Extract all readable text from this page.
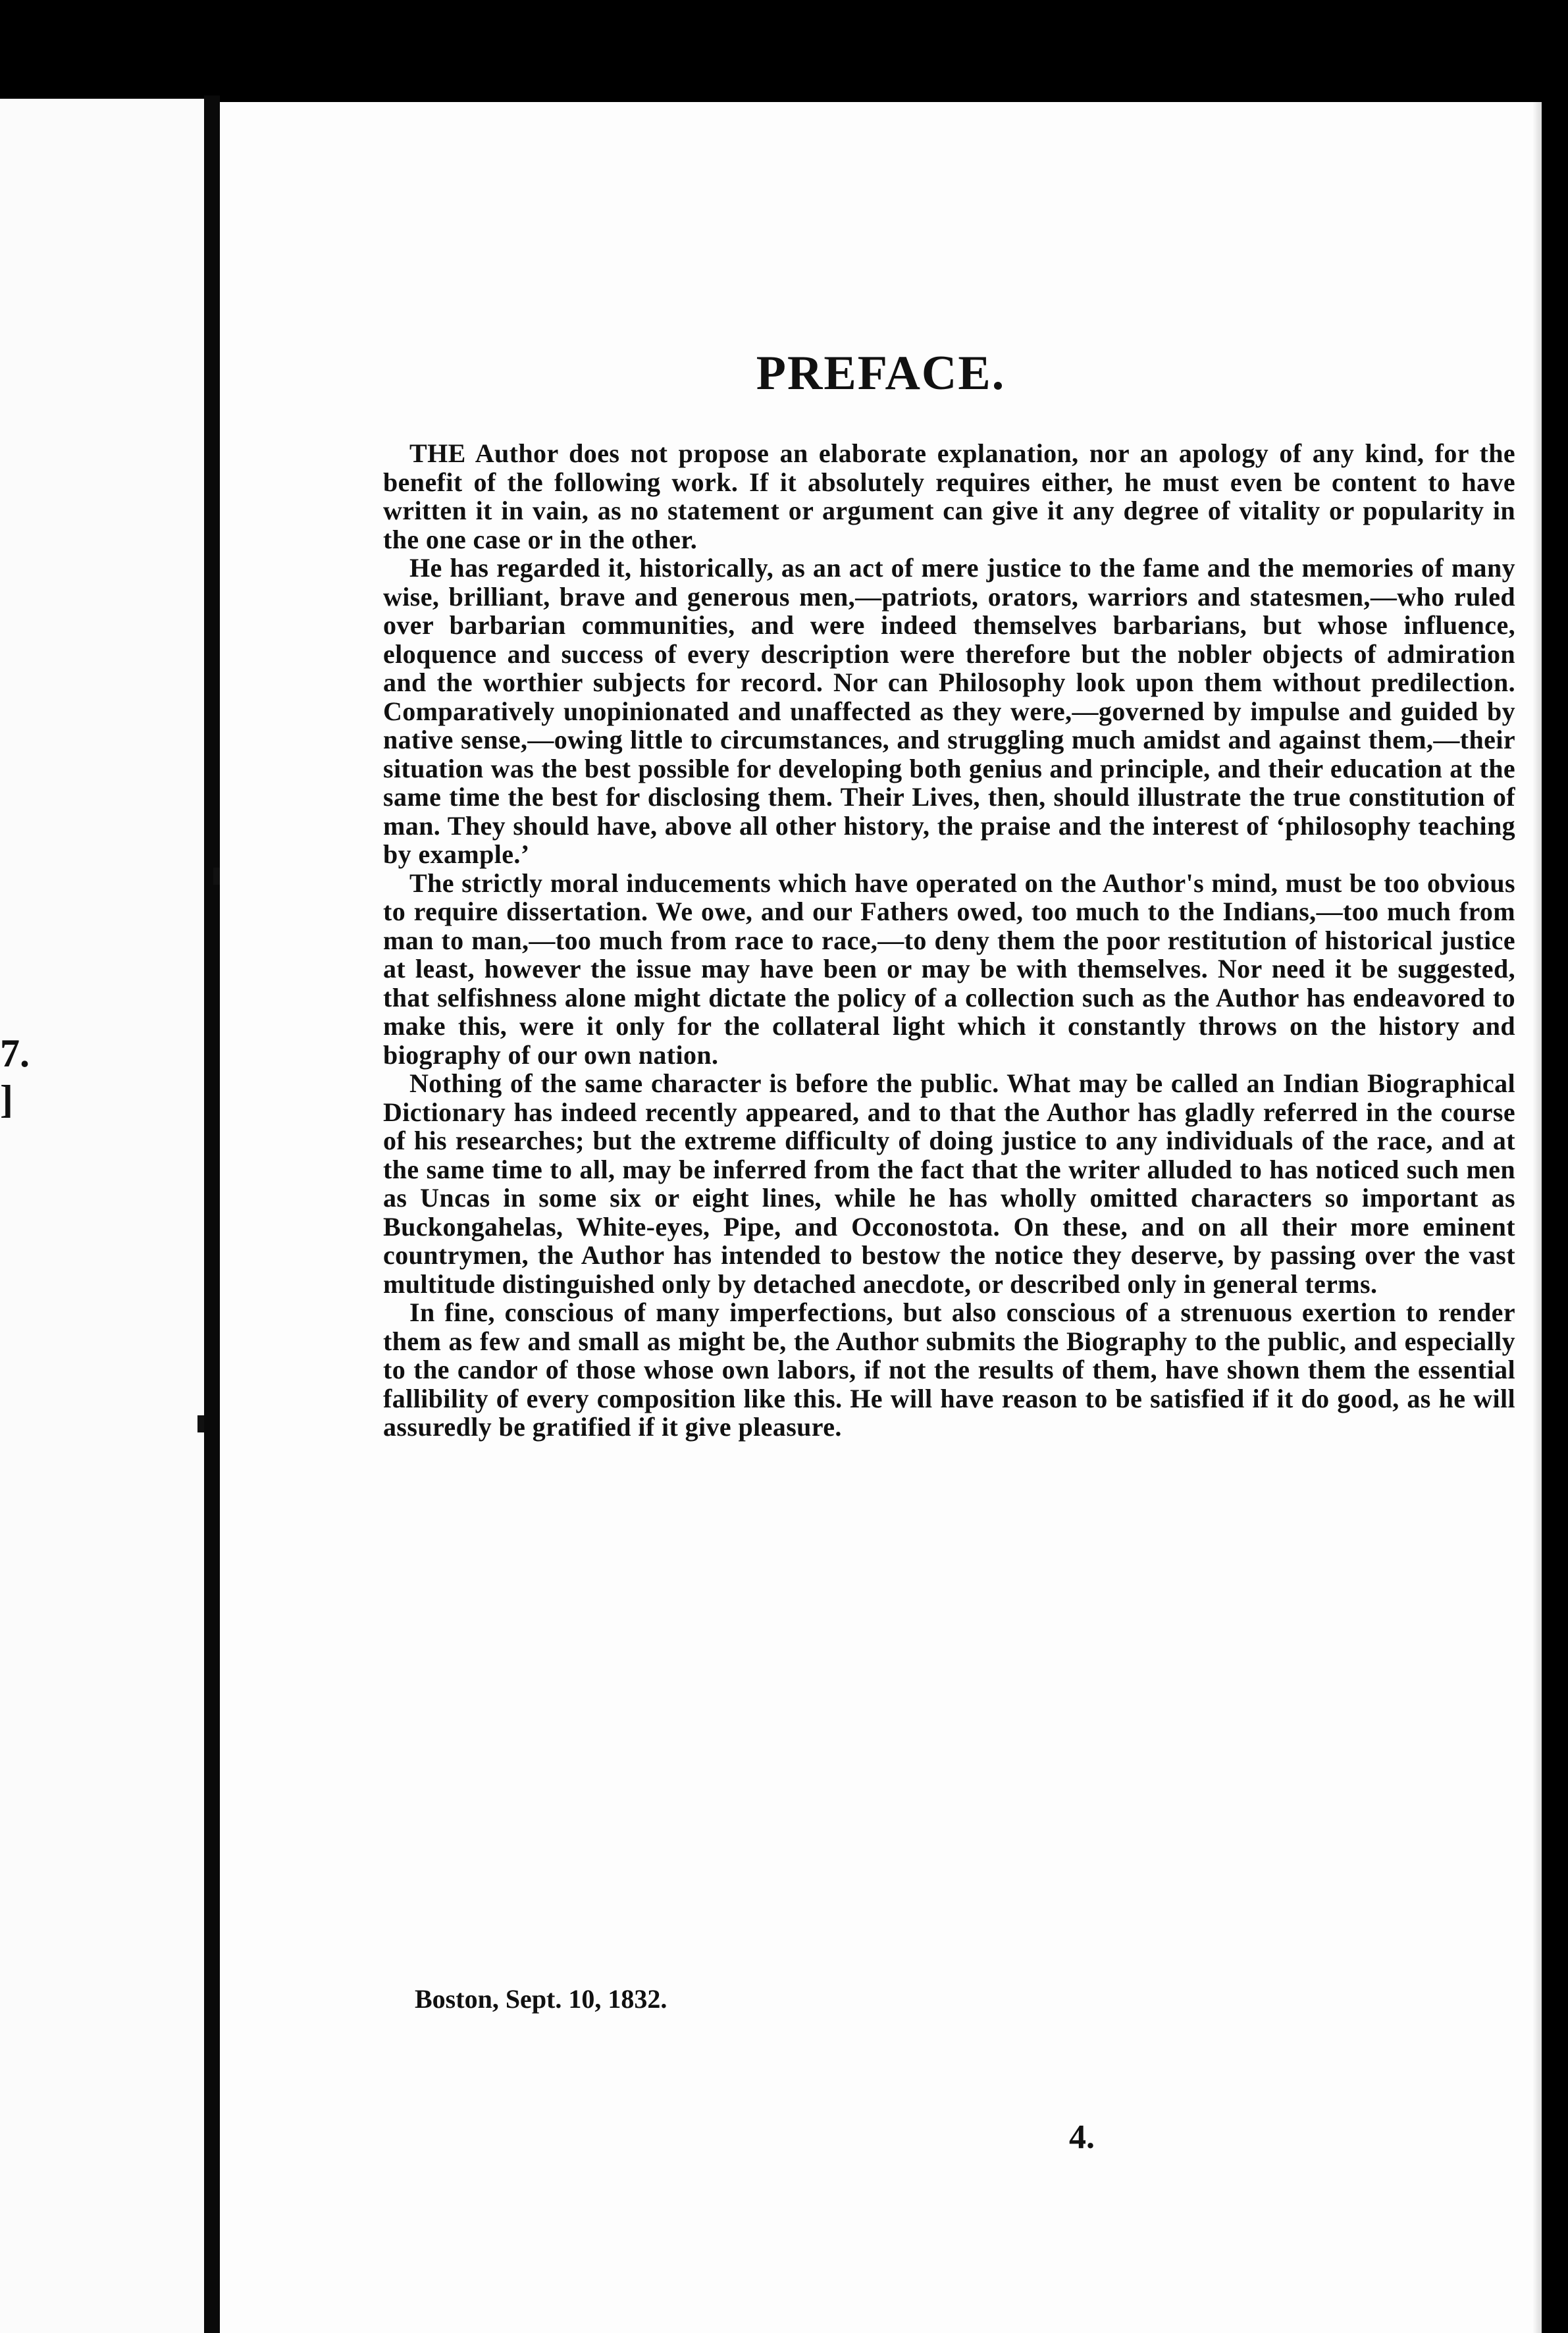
7.
]
PREFACE.

THE Author does not propose an elaborate explanation, nor an apology of any kind, for the benefit of the following work. If it absolutely requires either, he must even be content to have written it in vain, as no statement or argument can give it any degree of vitality or popularity in the one case or in the other.

He has regarded it, historically, as an act of mere justice to the fame and the memories of many wise, brilliant, brave and generous men,—patriots, orators, warriors and statesmen,—who ruled over barbarian communities, and were indeed themselves barbarians, but whose influence, eloquence and success of every description were therefore but the nobler objects of admiration and the worthier subjects for record. Nor can Philosophy look upon them without predilection. Comparatively unopinionated and unaffected as they were,—governed by impulse and guided by native sense,—owing little to circumstances, and struggling much amidst and against them,—their situation was the best possible for developing both genius and principle, and their education at the same time the best for disclosing them. Their Lives, then, should illustrate the true constitution of man. They should have, above all other history, the praise and the interest of ‘philosophy teaching by example.’

The strictly moral inducements which have operated on the Author's mind, must be too obvious to require dissertation. We owe, and our Fathers owed, too much to the Indians,—too much from man to man,—too much from race to race,—to deny them the poor restitution of historical justice at least, however the issue may have been or may be with themselves. Nor need it be suggested, that selfishness alone might dictate the policy of a collection such as the Author has endeavored to make this, were it only for the collateral light which it constantly throws on the history and biography of our own nation.

Nothing of the same character is before the public. What may be called an Indian Biographical Dictionary has indeed recently appeared, and to that the Author has gladly referred in the course of his researches; but the extreme difficulty of doing justice to any individuals of the race, and at the same time to all, may be inferred from the fact that the writer alluded to has noticed such men as Uncas in some six or eight lines, while he has wholly omitted characters so important as Buckongahelas, White-eyes, Pipe, and Occonostota. On these, and on all their more eminent countrymen, the Author has intended to bestow the notice they deserve, by passing over the vast multitude distinguished only by detached anecdote, or described only in general terms.

In fine, conscious of many imperfections, but also conscious of a strenuous exertion to render them as few and small as might be, the Author submits the Biography to the public, and especially to the candor of those whose own labors, if not the results of them, have shown them the essential fallibility of every composition like this. He will have reason to be satisfied if it do good, as he will assuredly be gratified if it give pleasure.

Boston, Sept. 10, 1832.
4.
